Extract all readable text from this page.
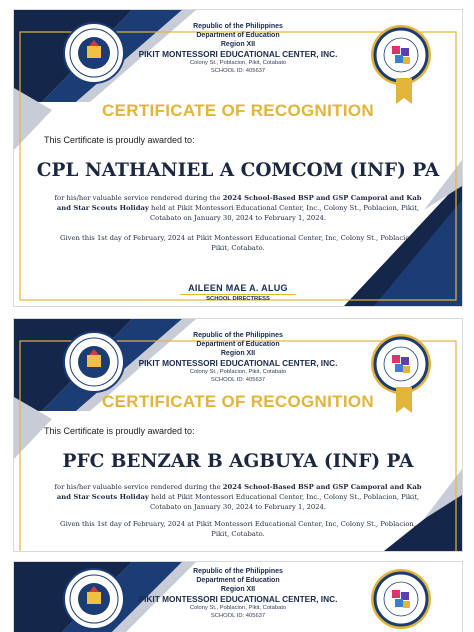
Republic of the Philippines
Department of Education
Region XII
PIKIT MONTESSORI EDUCATIONAL CENTER, INC.
Colony St., Poblacion, Pikit, Cotabato
SCHOOL ID: 405637
CERTIFICATE OF RECOGNITION
This Certificate is proudly awarded to:
CPL NATHANIEL A COMCOM (INF) PA
for his/her valuable service rendered during the 2024 School-Based BSP and GSP Camporal and Kab and Star Scouts Holiday held at Pikit Montessori Educational Center, Inc., Colony St., Poblacion, Pikit, Cotabato on January 30, 2024 to February 1, 2024.
Given this 1st day of February, 2024 at Pikit Montessori Educational Center, Inc, Colony St., Poblacion, Pikit, Cotabato.
AILEEN MAE A. ALUG
SCHOOL DIRECTRESS
Republic of the Philippines
Department of Education
Region XII
PIKIT MONTESSORI EDUCATIONAL CENTER, INC.
Colony St., Poblacion, Pikit, Cotabato
SCHOOL ID: 405637
CERTIFICATE OF RECOGNITION
This Certificate is proudly awarded to:
PFC BENZAR B AGBUYA (INF) PA
for his/her valuable service rendered during the 2024 School-Based BSP and GSP Camporal and Kab and Star Scouts Holiday held at Pikit Montessori Educational Center, Inc., Colony St., Poblacion, Pikit, Cotabato on January 30, 2024 to February 1, 2024.
Given this 1st day of February, 2024 at Pikit Montessori Educational Center, Inc, Colony St., Poblacion, Pikit, Cotabato.
Republic of the Philippines
Department of Education
Region XII
PIKIT MONTESSORI EDUCATIONAL CENTER, INC.
Colony St., Poblacion, Pikit, Cotabato
SCHOOL ID: 405637
